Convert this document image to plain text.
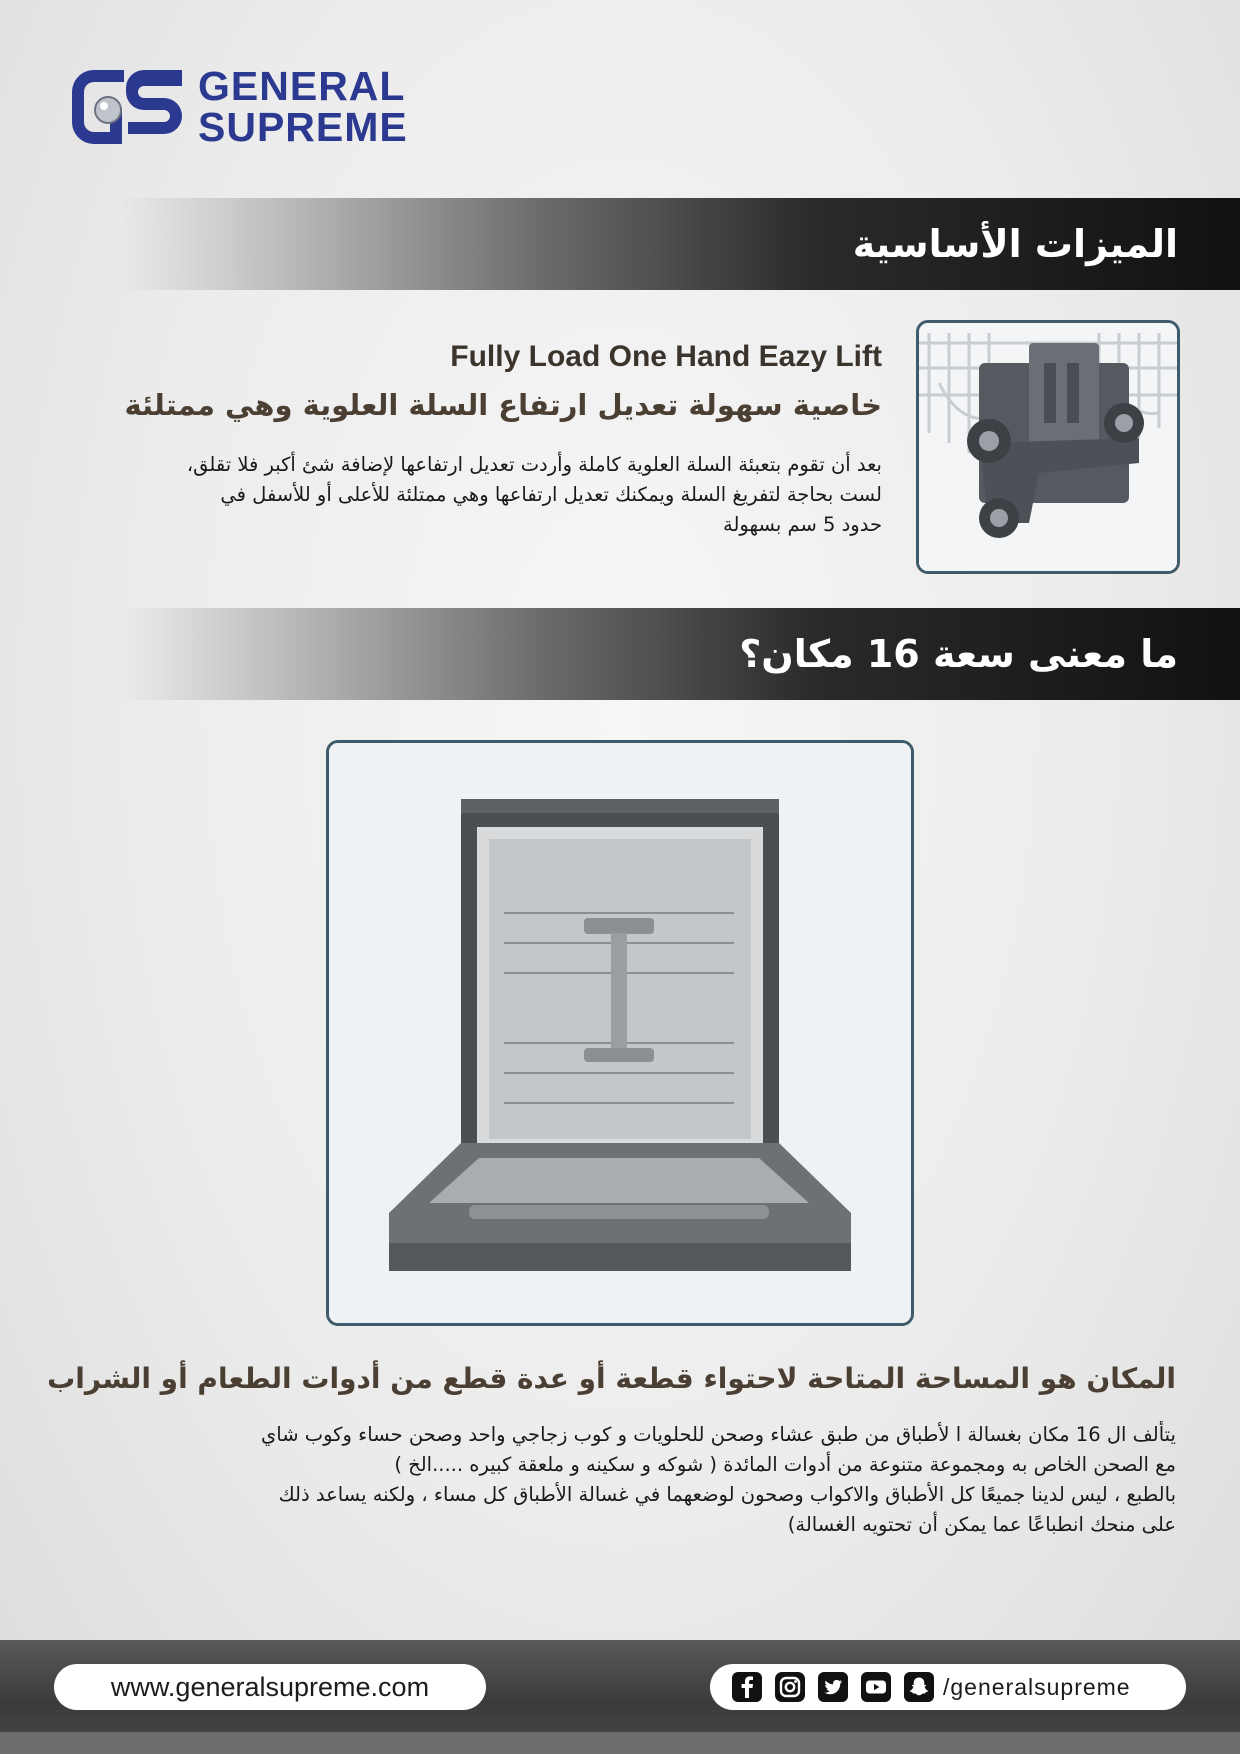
GENERAL
SUPREME
الميزات الأساسية
Fully Load One Hand Eazy Lift
خاصية سهولة تعديل ارتفاع السلة العلوية وهي ممتلئة
بعد أن تقوم بتعبئة السلة العلوية كاملة وأردت تعديل ارتفاعها لإضافة شئ أكبر فلا تقلق،
لست بحاجة لتفريغ السلة ويمكنك تعديل ارتفاعها وهي ممتلئة للأعلى أو للأسفل في
حدود 5 سم بسهولة
ما معنى سعة 16 مكان؟
المكان هو المساحة المتاحة لاحتواء قطعة أو عدة قطع من أدوات الطعام أو الشراب
يتألف ال 16 مكان بغسالة ا لأطباق من طبق عشاء وصحن للحلويات و كوب زجاجي واحد وصحن حساء وكوب شاي
مع الصحن الخاص به ومجموعة متنوعة من أدوات المائدة ( شوكه و سكينه و ملعقة كبيره .....الخ )
بالطبع ، ليس لدينا جميعًا كل الأطباق والاكواب وصحون لوضعهما في غسالة الأطباق كل مساء ، ولكنه يساعد ذلك
على منحك انطباعًا عما يمكن أن تحتويه الغسالة)
www.generalsupreme.com	/generalsupreme
